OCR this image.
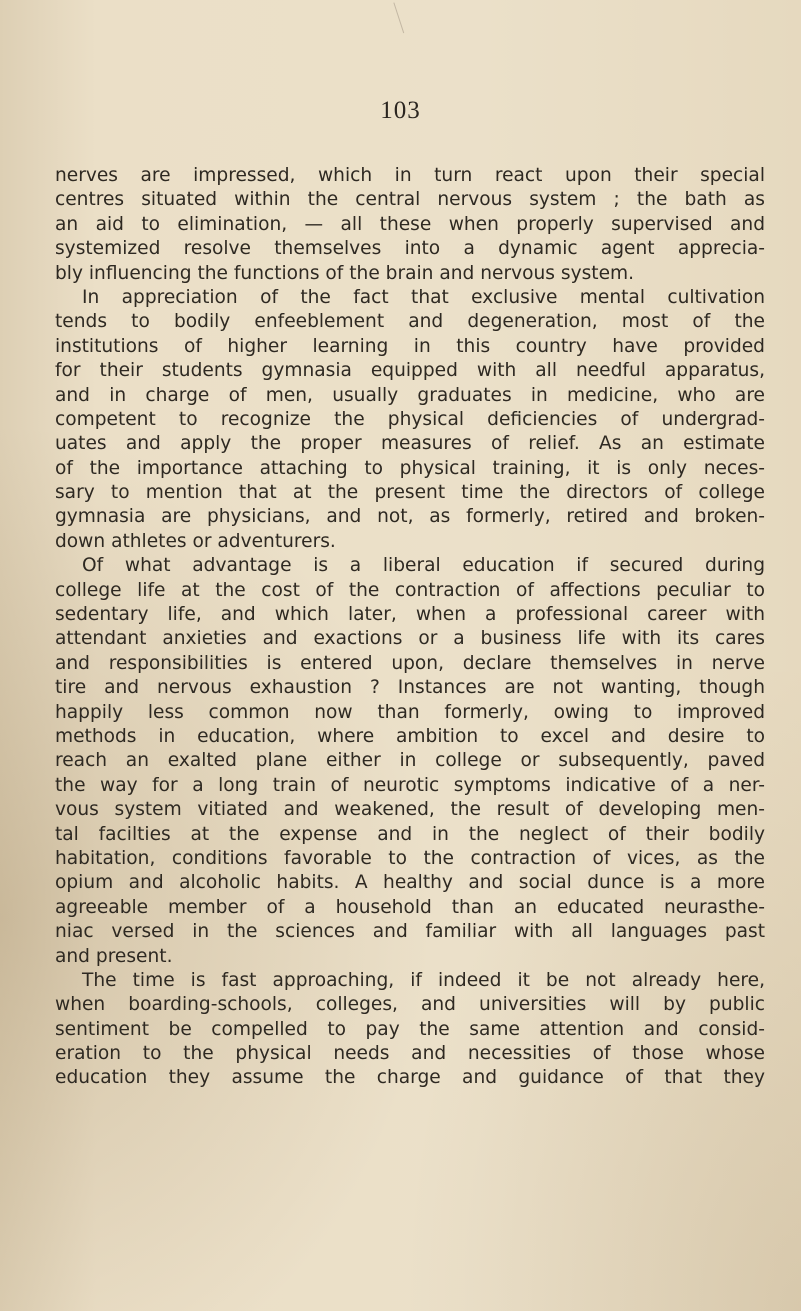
103
nerves are impressed, which in turn react upon their special
centres situated within the central nervous system ; the bath as
an aid to elimination, — all these when properly supervised and
systemized resolve themselves into a dynamic agent apprecia-
bly influencing the functions of the brain and nervous system.
In appreciation of the fact that exclusive mental cultivation
tends to bodily enfeeblement and degeneration, most of the
institutions of higher learning in this country have provided
for their students gymnasia equipped with all needful apparatus,
and in charge of men, usually graduates in medicine, who are
competent to recognize the physical deficiencies of undergrad-
uates and apply the proper measures of relief. As an estimate
of the importance attaching to physical training, it is only neces-
sary to mention that at the present time the directors of college
gymnasia are physicians, and not, as formerly, retired and broken-
down athletes or adventurers.
Of what advantage is a liberal education if secured during
college life at the cost of the contraction of affections peculiar to
sedentary life, and which later, when a professional career with
attendant anxieties and exactions or a business life with its cares
and responsibilities is entered upon, declare themselves in nerve
tire and nervous exhaustion ? Instances are not wanting, though
happily less common now than formerly, owing to improved
methods in education, where ambition to excel and desire to
reach an exalted plane either in college or subsequently, paved
the way for a long train of neurotic symptoms indicative of a ner-
vous system vitiated and weakened, the result of developing men-
tal facilties at the expense and in the neglect of their bodily
habitation, conditions favorable to the contraction of vices, as the
opium and alcoholic habits. A healthy and social dunce is a more
agreeable member of a household than an educated neurasthe-
niac versed in the sciences and familiar with all languages past
and present.
The time is fast approaching, if indeed it be not already here,
when boarding-schools, colleges, and universities will by public
sentiment be compelled to pay the same attention and consid-
eration to the physical needs and necessities of those whose
education they assume the charge and guidance of that they
